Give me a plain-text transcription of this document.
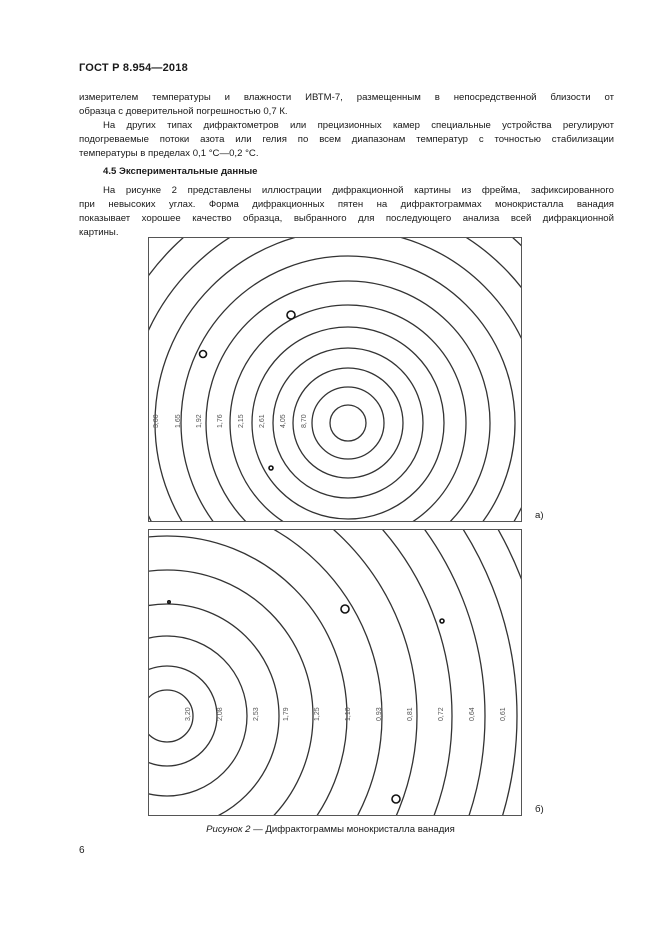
ГОСТ Р 8.954—2018
измерителем температуры и влажности ИВТМ-7, размещенным в непосредственной близости от
образца с доверительной погрешностью 0,7 К.
На других типах дифрактометров или прецизионных камер специальные устройства регулируют
подогреваемые потоки азота или гелия по всем диапазонам температур с точностью стабилизации
температуры в пределах 0,1 °С—0,2 °С.
4.5 Экспериментальные данные
На рисунке 2 представлены иллюстрации дифракционной картины из фрейма, зафиксированного
при невысоких углах. Форма дифракционных пятен на дифрактограммах монокристалла ванадия
показывает хорошее качество образца, выбранного для последующего анализа всей дифракционной
картины.
3,00 1,65 1,92 1,76 2,15 2,61 4,05 8,70
а)
3,20	2,08	2,53	1,79	1,25	1,10	0,93	0,81	0,72	0,64	0,61
б)
Рисунок 2 — Дифрактограммы монокристалла ванадия
6
